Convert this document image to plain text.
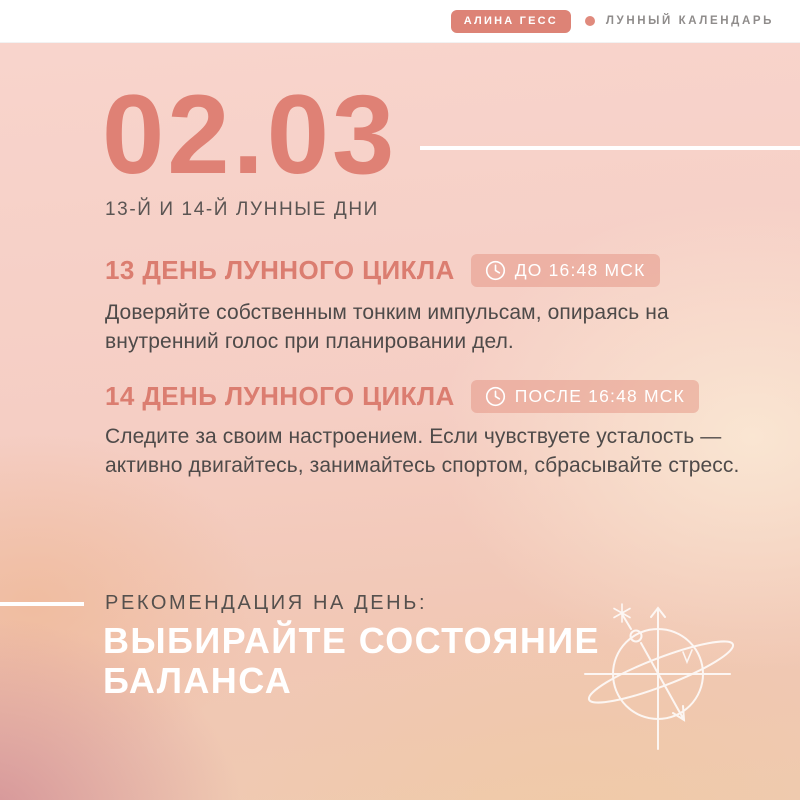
АЛИНА ГЕСС	ЛУННЫЙ КАЛЕНДАРЬ
02.03
13-Й И 14-Й ЛУННЫЕ ДНИ
13 ДЕНЬ ЛУННОГО ЦИКЛА	ДО 16:48 МСК

Доверяйте собственным тонким импульсам, опираясь на внутренний голос при планировании дел.

14 ДЕНЬ ЛУННОГО ЦИКЛА	ПОСЛЕ 16:48 МСК

Следите за своим настроением. Если чувствуете усталость — активно двигайтесь, занимайтесь спортом, сбрасывайте стресс.

РЕКОМЕНДАЦИЯ НА ДЕНЬ:
ВЫБИРАЙТЕ СОСТОЯНИЕ
БАЛАНСА
